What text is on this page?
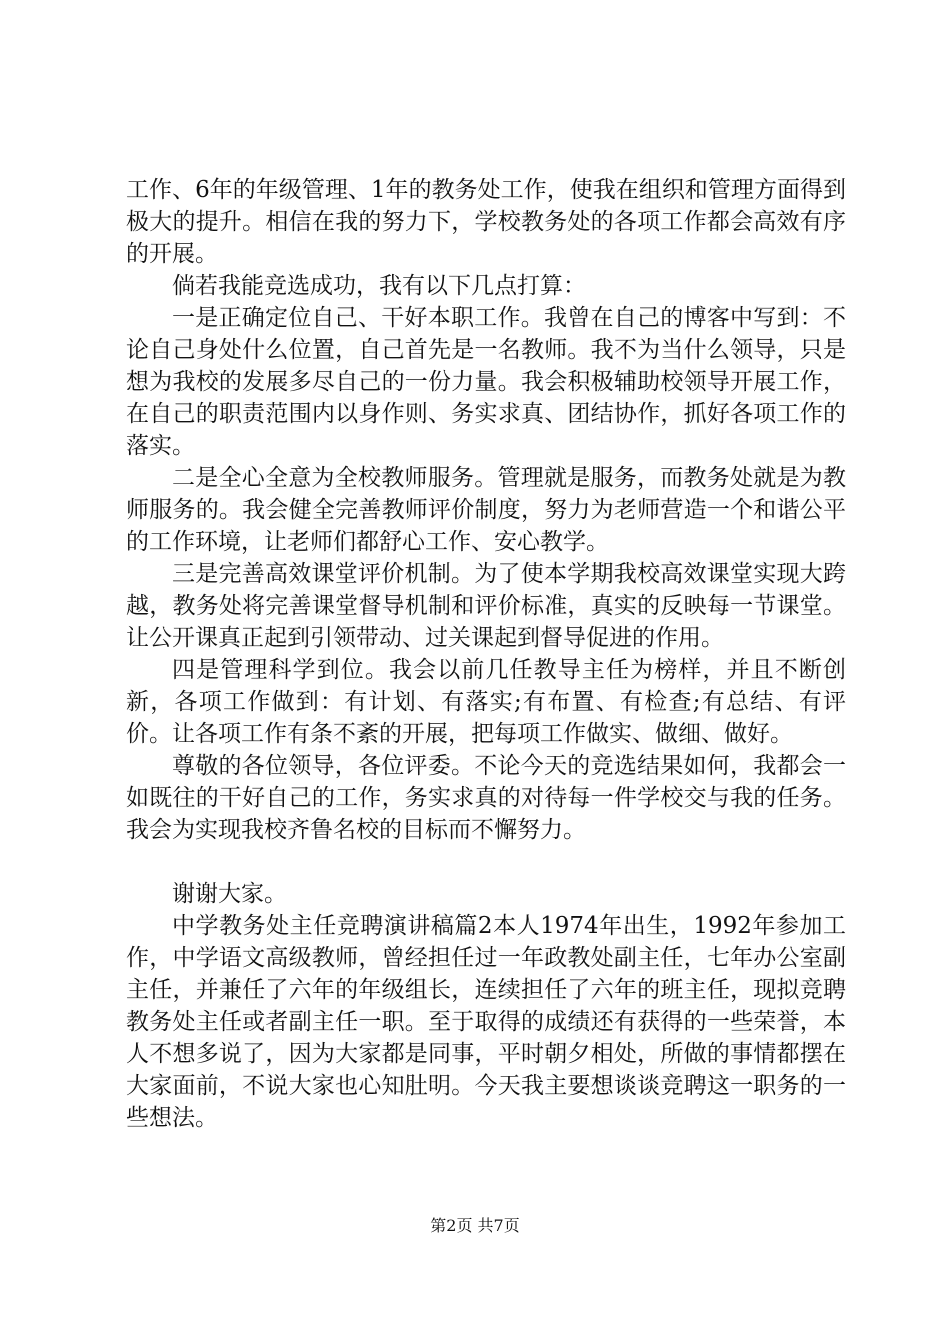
工作、6年的年级管理、1年的教务处工作，使我在组织和管理方面得到极大的提升。相信在我的努力下，学校教务处的各项工作都会高效有序的开展。

倘若我能竞选成功，我有以下几点打算：

一是正确定位自己、干好本职工作。我曾在自己的博客中写到：不论自己身处什么位置，自己首先是一名教师。我不为当什么领导，只是想为我校的发展多尽自己的一份力量。我会积极辅助校领导开展工作，在自己的职责范围内以身作则、务实求真、团结协作，抓好各项工作的落实。

二是全心全意为全校教师服务。管理就是服务，而教务处就是为教师服务的。我会健全完善教师评价制度，努力为老师营造一个和谐公平的工作环境，让老师们都舒心工作、安心教学。

三是完善高效课堂评价机制。为了使本学期我校高效课堂实现大跨越，教务处将完善课堂督导机制和评价标准，真实的反映每一节课堂。让公开课真正起到引领带动、过关课起到督导促进的作用。

四是管理科学到位。我会以前几任教导主任为榜样，并且不断创新，各项工作做到：有计划、有落实;有布置、有检查;有总结、有评价。让各项工作有条不紊的开展，把每项工作做实、做细、做好。

尊敬的各位领导，各位评委。不论今天的竞选结果如何，我都会一如既往的干好自己的工作，务实求真的对待每一件学校交与我的任务。我会为实现我校齐鲁名校的目标而不懈努力。

谢谢大家。

中学教务处主任竞聘演讲稿篇2本人1974年出生，1992年参加工作，中学语文高级教师，曾经担任过一年政教处副主任，七年办公室副主任，并兼任了六年的年级组长，连续担任了六年的班主任，现拟竞聘教务处主任或者副主任一职。至于取得的成绩还有获得的一些荣誉，本人不想多说了，因为大家都是同事，平时朝夕相处，所做的事情都摆在大家面前，不说大家也心知肚明。今天我主要想谈谈竞聘这一职务的一些想法。

第2页 共7页
